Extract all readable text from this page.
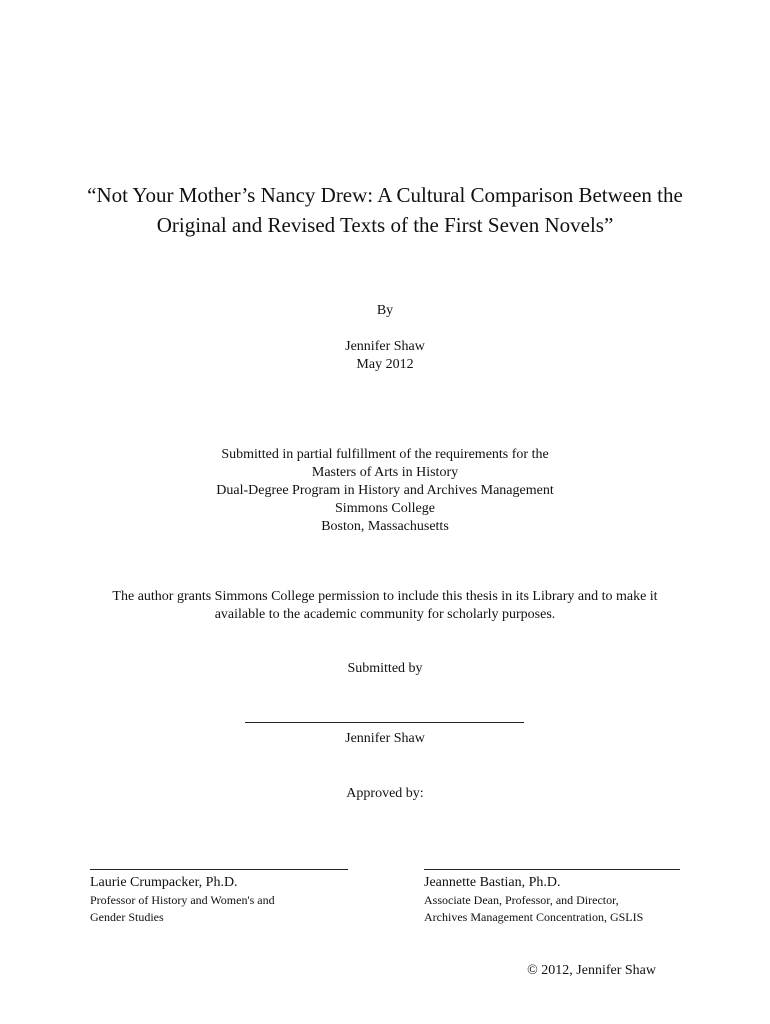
“Not Your Mother’s Nancy Drew: A Cultural Comparison Between the
Original and Revised Texts of the First Seven Novels”
By
Jennifer Shaw
May 2012
Submitted in partial fulfillment of the requirements for the
Masters of Arts in History
Dual-Degree Program in History and Archives Management
Simmons College
Boston, Massachusetts
The author grants Simmons College permission to include this thesis in its Library and to make it
available to the academic community for scholarly purposes.
Submitted by
Jennifer Shaw
Approved by:
Laurie Crumpacker, Ph.D.
Professor of History and Women's and
Gender Studies
Jeannette Bastian, Ph.D.
Associate Dean, Professor, and Director,
Archives Management Concentration, GSLIS
© 2012, Jennifer Shaw
